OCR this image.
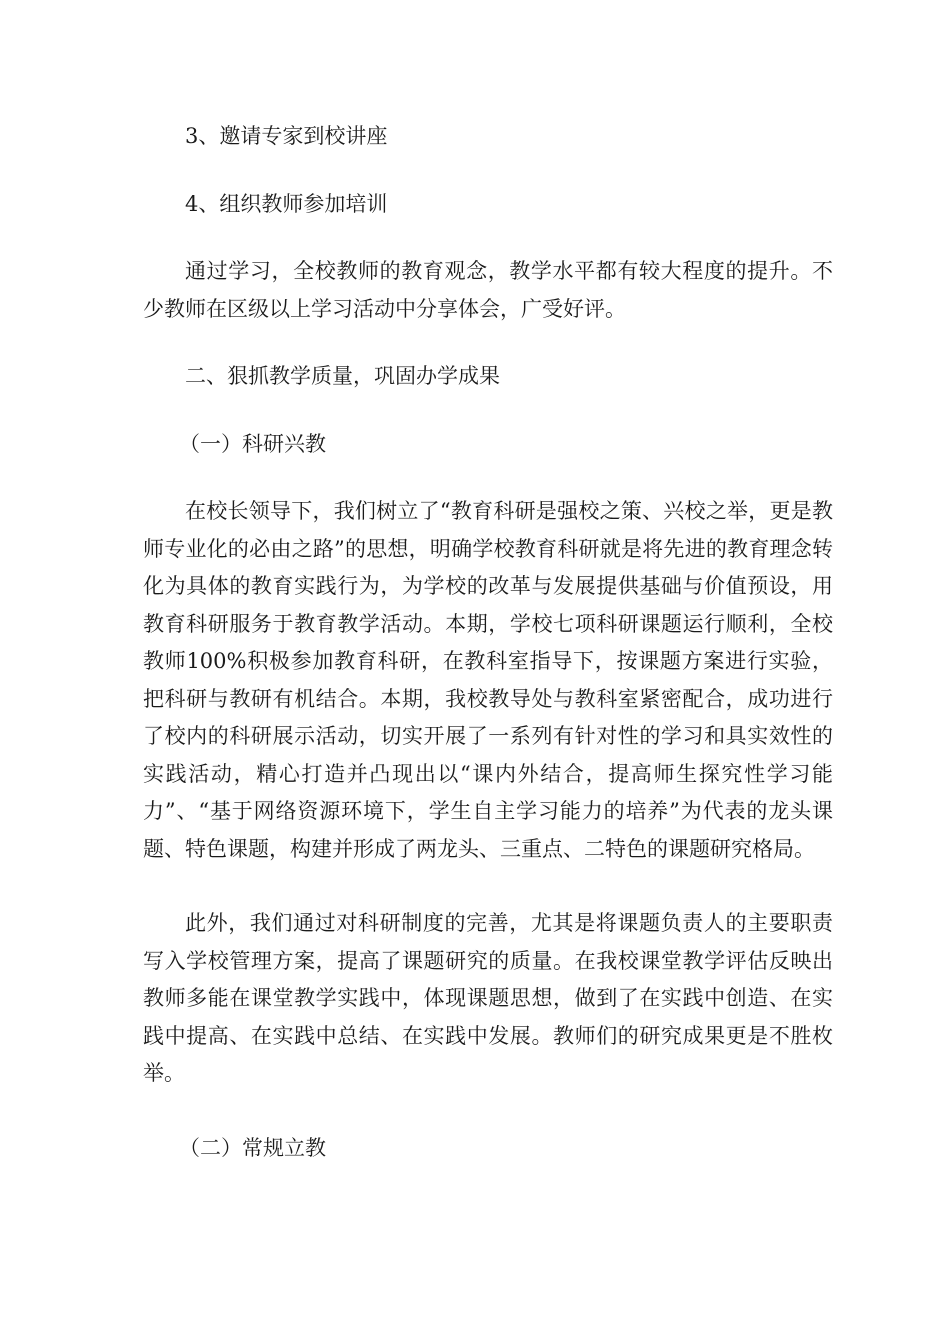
3、邀请专家到校讲座

4、组织教师参加培训

通过学习，全校教师的教育观念，教学水平都有较大程度的提升。不少教师在区级以上学习活动中分享体会，广受好评。

二、狠抓教学质量，巩固办学成果

（一）科研兴教

在校长领导下，我们树立了“教育科研是强校之策、兴校之举，更是教师专业化的必由之路”的思想，明确学校教育科研就是将先进的教育理念转化为具体的教育实践行为，为学校的改革与发展提供基础与价值预设，用教育科研服务于教育教学活动。本期，学校七项科研课题运行顺利，全校教师100%积极参加教育科研，在教科室指导下，按课题方案进行实验，把科研与教研有机结合。本期，我校教导处与教科室紧密配合，成功进行了校内的科研展示活动，切实开展了一系列有针对性的学习和具实效性的实践活动，精心打造并凸现出以“课内外结合，提高师生探究性学习能力”、“基于网络资源环境下，学生自主学习能力的培养”为代表的龙头课题、特色课题，构建并形成了两龙头、三重点、二特色的课题研究格局。

此外，我们通过对科研制度的完善，尤其是将课题负责人的主要职责写入学校管理方案，提高了课题研究的质量。在我校课堂教学评估反映出教师多能在课堂教学实践中，体现课题思想，做到了在实践中创造、在实践中提高、在实践中总结、在实践中发展。教师们的研究成果更是不胜枚举。

（二）常规立教
